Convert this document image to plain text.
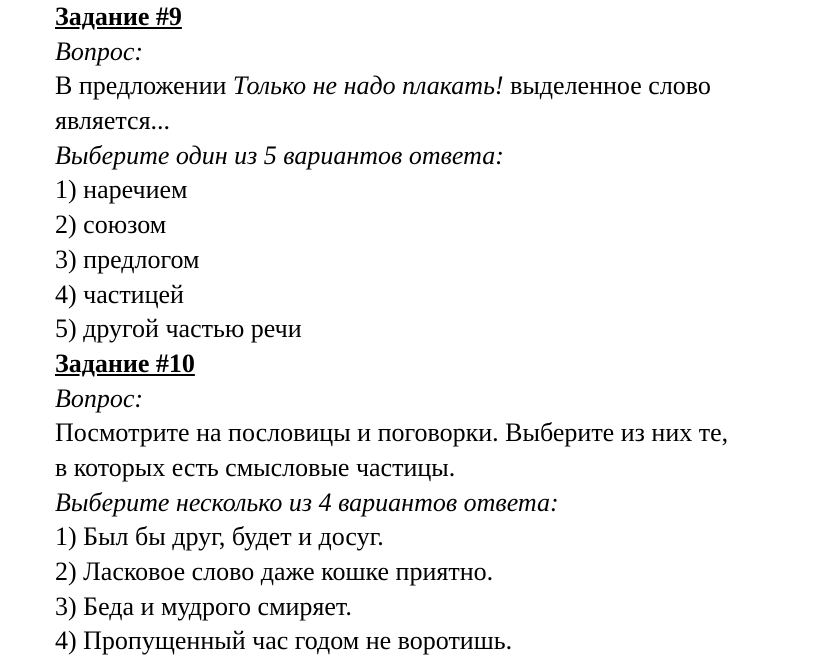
Задание #9
Вопрос:
В предложении Только не надо плакать! выделенное слово
является...
Выберите один из 5 вариантов ответа:
1) наречием
2) союзом
3) предлогом
4) частицей
5) другой частью речи
Задание #10
Вопрос:
Посмотрите на пословицы и поговорки. Выберите из них те,
в которых есть смысловые частицы.
Выберите несколько из 4 вариантов ответа:
1) Был бы друг, будет и досуг.
2) Ласковое слово даже кошке приятно.
3) Беда и мудрого смиряет.
4) Пропущенный час годом не воротишь.
